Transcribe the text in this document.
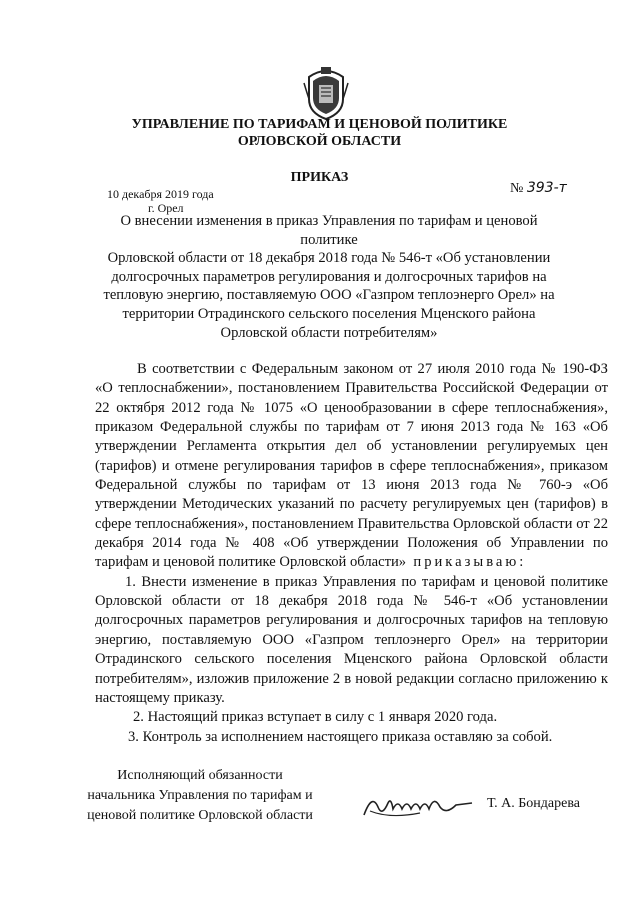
УПРАВЛЕНИЕ ПО ТАРИФАМ И ЦЕНОВОЙ ПОЛИТИКЕ
ОРЛОВСКОЙ ОБЛАСТИ
ПРИКАЗ
10 декабря 2019 года
г. Орел
№ 393-т
О внесении изменения в приказ Управления по тарифам и ценовой политике
Орловской области от 18 декабря 2018 года № 546-т «Об установлении
долгосрочных параметров регулирования и долгосрочных тарифов на
тепловую энергию, поставляемую ООО «Газпром теплоэнерго Орел» на
территории Отрадинского сельского поселения Мценского района
Орловской области потребителям»

В соответствии с Федеральным законом от 27 июля 2010 года № 190-ФЗ «О теплоснабжении», постановлением Правительства Российской Федерации от 22 октября 2012 года № 1075 «О ценообразовании в сфере теплоснабжения», приказом Федеральной службы по тарифам от 7 июня 2013 года № 163 «Об утверждении Регламента открытия дел об установлении регулируемых цен (тарифов) и отмене регулирования тарифов в сфере теплоснабжения», приказом Федеральной службы по тарифам от 13 июня 2013 года № 760-э «Об утверждении Методических указаний по расчету регулируемых цен (тарифов) в сфере теплоснабжения», постановлением Правительства Орловской области от 22 декабря 2014 года № 408 «Об утверждении Положения об Управлении по тарифам и ценовой политике Орловской области» приказываю:

1. Внести изменение в приказ Управления по тарифам и ценовой политике Орловской области от 18 декабря 2018 года № 546-т «Об установлении долгосрочных параметров регулирования и долгосрочных тарифов на тепловую энергию, поставляемую ООО «Газпром теплоэнерго Орел» на территории Отрадинского сельского поселения Мценского района Орловской области потребителям», изложив приложение 2 в новой редакции согласно приложению к настоящему приказу.
2. Настоящий приказ вступает в силу с 1 января 2020 года.
3. Контроль за исполнением настоящего приказа оставляю за собой.
Исполняющий обязанности
начальника Управления по тарифам и
ценовой политике Орловской области
Т. А. Бондарева
